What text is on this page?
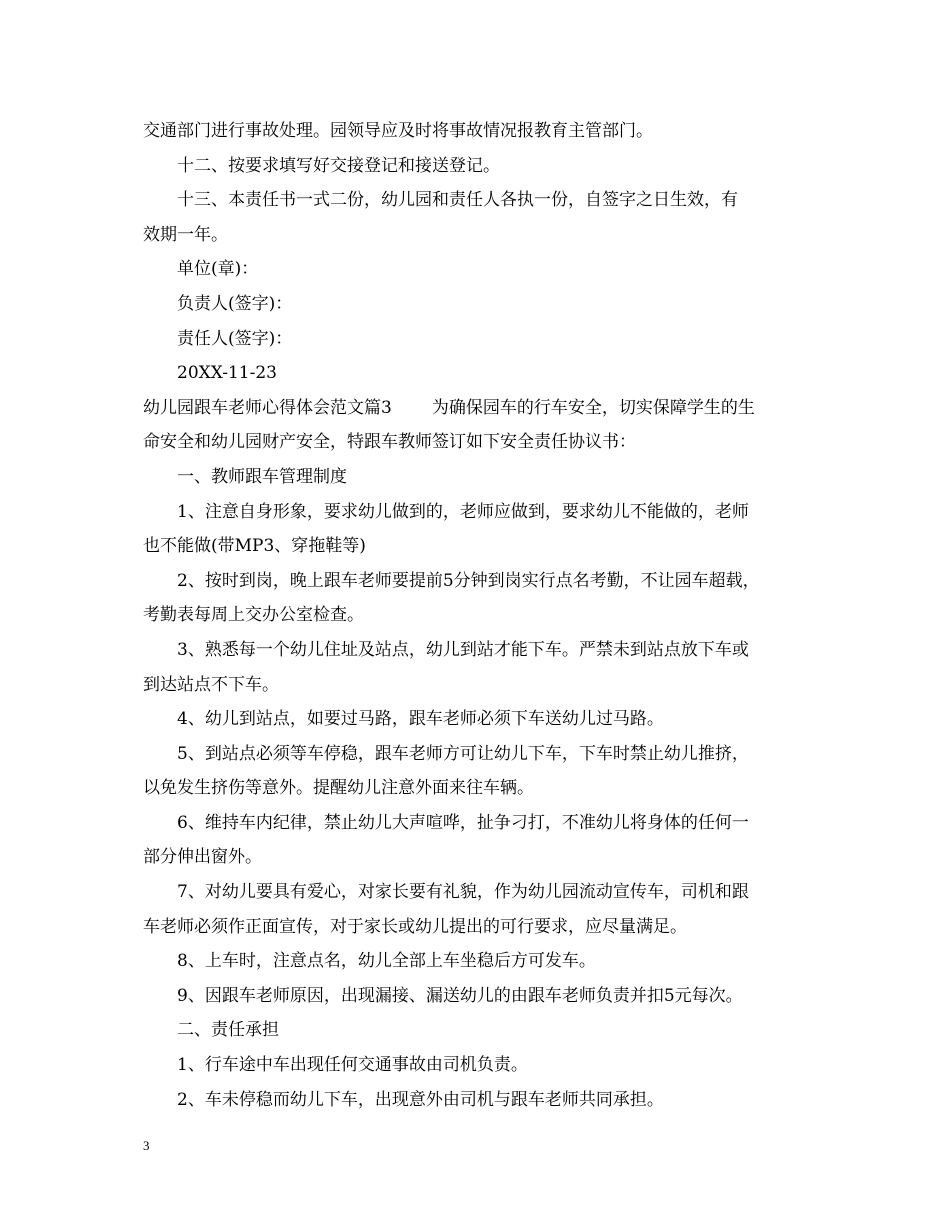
交通部门进行事故处理。园领导应及时将事故情况报教育主管部门。

十二、按要求填写好交接登记和接送登记。

十三、本责任书一式二份，幼儿园和责任人各执一份，自签字之日生效，有

效期一年。

单位(章)：

负责人(签字)：

责任人(签字)：

20XX-11-23

幼儿园跟车老师心得体会范文篇3 为确保园车的行车安全，切实保障学生的生

命安全和幼儿园财产安全，特跟车教师签订如下安全责任协议书：

一、教师跟车管理制度

1、注意自身形象，要求幼儿做到的，老师应做到，要求幼儿不能做的，老师

也不能做(带MP3、穿拖鞋等)

2、按时到岗，晚上跟车老师要提前5分钟到岗实行点名考勤，不让园车超载，

考勤表每周上交办公室检查。

3、熟悉每一个幼儿住址及站点，幼儿到站才能下车。严禁未到站点放下车或

到达站点不下车。

4、幼儿到站点，如要过马路，跟车老师必须下车送幼儿过马路。

5、到站点必须等车停稳，跟车老师方可让幼儿下车，下车时禁止幼儿推挤，

以免发生挤伤等意外。提醒幼儿注意外面来往车辆。

6、维持车内纪律，禁止幼儿大声喧哗，扯争刁打，不准幼儿将身体的任何一

部分伸出窗外。

7、对幼儿要具有爱心，对家长要有礼貌，作为幼儿园流动宣传车，司机和跟

车老师必须作正面宣传，对于家长或幼儿提出的可行要求，应尽量满足。

8、上车时，注意点名，幼儿全部上车坐稳后方可发车。

9、因跟车老师原因，出现漏接、漏送幼儿的由跟车老师负责并扣5元每次。

二、责任承担

1、行车途中车出现任何交通事故由司机负责。

2、车未停稳而幼儿下车，出现意外由司机与跟车老师共同承担。

3
